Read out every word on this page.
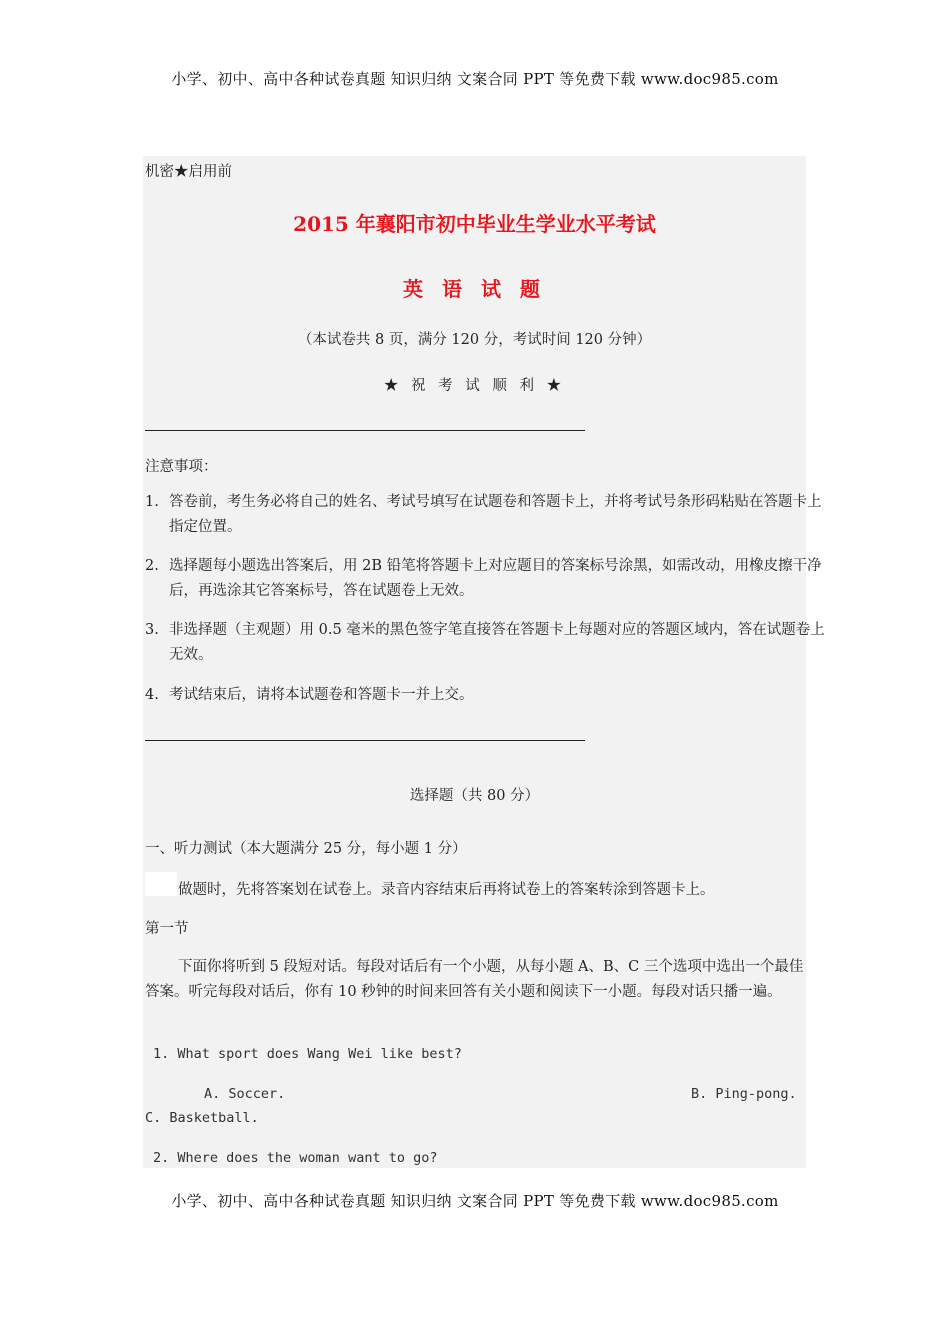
小学、初中、高中各种试卷真题 知识归纳 文案合同 PPT 等免费下载 www.doc985.com
机密★启用前
2015 年襄阳市初中毕业生学业水平考试
英 语 试 题
（本试卷共 8 页，满分 120 分，考试时间 120 分钟）
★ 祝 考 试 顺 利 ★
注意事项：
1. 答卷前，考生务必将自己的姓名、考试号填写在试题卷和答题卡上，并将考试号条形码粘贴在答题卡上指定位置。
2. 选择题每小题选出答案后，用 2B 铅笔将答题卡上对应题目的答案标号涂黑，如需改动，用橡皮擦干净后，再选涂其它答案标号，答在试题卷上无效。
3. 非选择题（主观题）用 0.5 毫米的黑色签字笔直接答在答题卡上每题对应的答题区域内，答在试题卷上无效。
4. 考试结束后，请将本试题卷和答题卡一并上交。
选择题（共 80 分）
一、听力测试（本大题满分 25 分，每小题 1 分）
做题时，先将答案划在试卷上。录音内容结束后再将试卷上的答案转涂到答题卡上。
第一节
下面你将听到 5 段短对话。每段对话后有一个小题，从每小题 A、B、C 三个选项中选出一个最佳答案。听完每段对话后，你有 10 秒钟的时间来回答有关小题和阅读下一小题。每段对话只播一遍。
1. What sport does Wang Wei like best?
A. Soccer.	B. Ping-pong.
C. Basketball.
2. Where does the woman want to go?
小学、初中、高中各种试卷真题 知识归纳 文案合同 PPT 等免费下载 www.doc985.com
